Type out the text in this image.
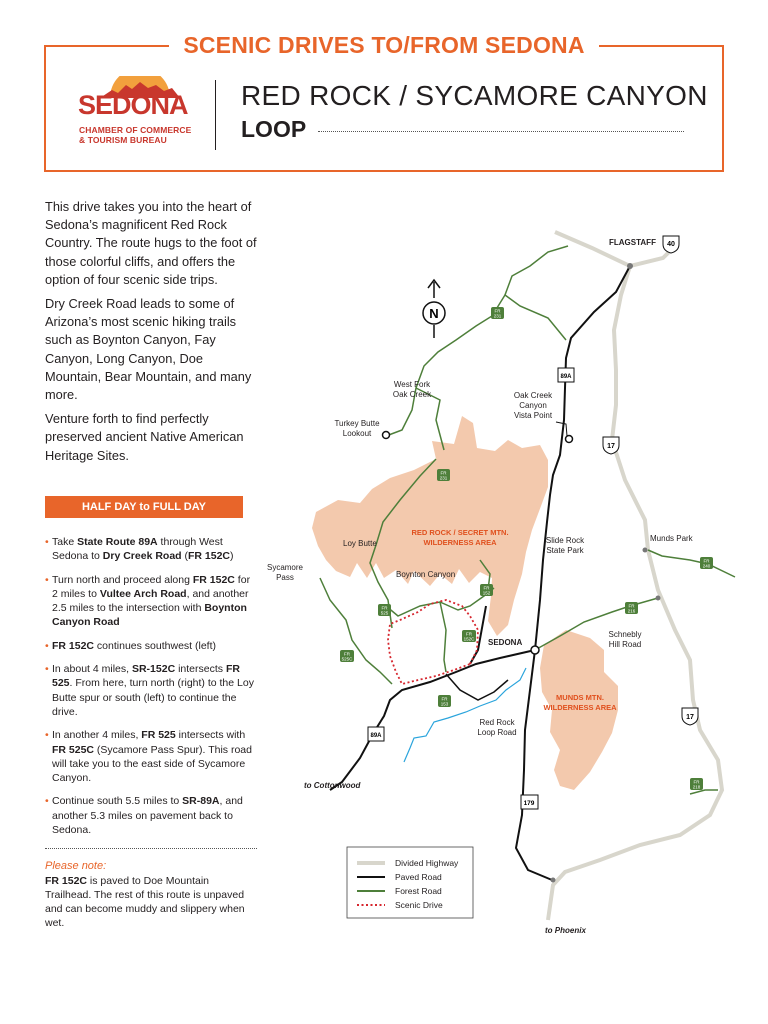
SCENIC DRIVES TO/FROM SEDONA
SEDONA
CHAMBER OF COMMERCE
& TOURISM BUREAU
RED ROCK / SYCAMORE CANYON
LOOP

This drive takes you into the heart of Sedona’s magnificent Red Rock Country. The route hugs to the foot of those colorful cliffs, and offers the option of four scenic side trips.

Dry Creek Road leads to some of Arizona’s most scenic hiking trails such as Boynton Canyon, Fay Canyon, Long Canyon, Doe Mountain, Bear Mountain, and many more.

Venture forth to find perfectly preserved ancient Native American Heritage Sites.

HALF DAY to FULL DAY
• Take State Route 89A through West Sedona to Dry Creek Road (FR 152C)
• Turn north and proceed along FR 152C for 2 miles to Vultee Arch Road, and another 2.5 miles to the intersection with Boynton Canyon Road
• FR 152C continues southwest (left)
• In about 4 miles, SR-152C intersects FR 525. From here, turn north (right) to the Loy Butte spur or south (left) to continue the drive.
• In another 4 miles, FR 525 intersects with FR 525C (Sycamore Pass Spur). This road will take you to the east side of Sycamore Canyon.
• Continue south 5.5 miles to SR-89A, and another 5.3 miles on pavement back to Sedona.
Please note:
FR 152C is paved to Doe Mountain Trailhead. The rest of this route is unpaved and can become muddy and slippery when wet.
N
40
17
17
89A
89A
179
FR 231
FR 231
FR 240
FR 525
FR 152
FR 525C
FR 152C
FR 216
FR 153
FR 218
FLAGSTAFF
West Fork Oak Creek	Oak Creek Canyon Vista Point
Turkey Butte Lookout
RED ROCK / SECRET MTN. WILDERNESS AREA
Loy Butte	Slide Rock State Park
Munds Park
Sycamore Pass	Boynton Canyon
Schnebly Hill Road
SEDONA
MUNDS MTN. WILDERNESS AREA
Red Rock Loop Road
to Cottonwood
to Phoenix
Divided Highway
Paved Road
Forest Road
Scenic Drive
